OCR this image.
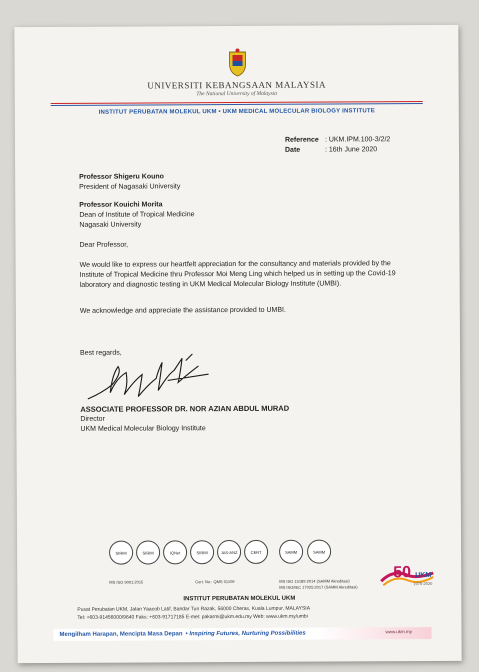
UNIVERSITI KEBANGSAAN MALAYSIA
The National University of Malaysia
INSTITUT PERUBATAN MOLEKUL UKM • UKM MEDICAL MOLECULAR BIOLOGY INSTITUTE
Reference : UKM.IPM.100-3/2/2
Date	: 16th June 2020
Professor Shigeru Kouno
President of Nagasaki University
Professor Kouichi Morita
Dean of Institute of Tropical Medicine
Nagasaki University
Dear Professor,
We would like to express our heartfelt appreciation for the consultancy and materials provided by the Institute of Tropical Medicine thru Professor Moi Meng Ling which helped us in setting up the Covid-19 laboratory and diagnostic testing in UKM Medical Molecular Biology Institute (UMBI).
We acknowledge and appreciate the assistance provided to UMBI.
Best regards,
ASSOCIATE PROFESSOR DR. NOR AZIAN ABDUL MURAD
Director
UKM Medical Molecular Biology Institute
SIRIM	SIRIM	IQNet	SIRIM	JAS-ANZ	CERT
MS ISO 9001:2015	Cert. No.: QMS 01109
SAMM	SAMM
MS ISO 15189:2014 (SAMM Akreditasi)
MS ISO/IEC 17025:2017 (SAMM Akreditasi)
50 UKM
1970-2020
INSTITUT PERUBATAN MOLEKUL UKM
Pusat Perubatan UKM, Jalan Yaacob Latif, Bandar Tun Razak, 56000 Cheras, Kuala Lumpur, MALAYSIA
Tel: +603-91456000/9640 Faks: +603-91717185 E-mel: pakarmi@ukm.edu.my Web: www.ukm.my/umbi
Mengilham Harapan, Mencipta Masa Depan • Inspiring Futures, Nurturing Possibilities	www.ukm.my
